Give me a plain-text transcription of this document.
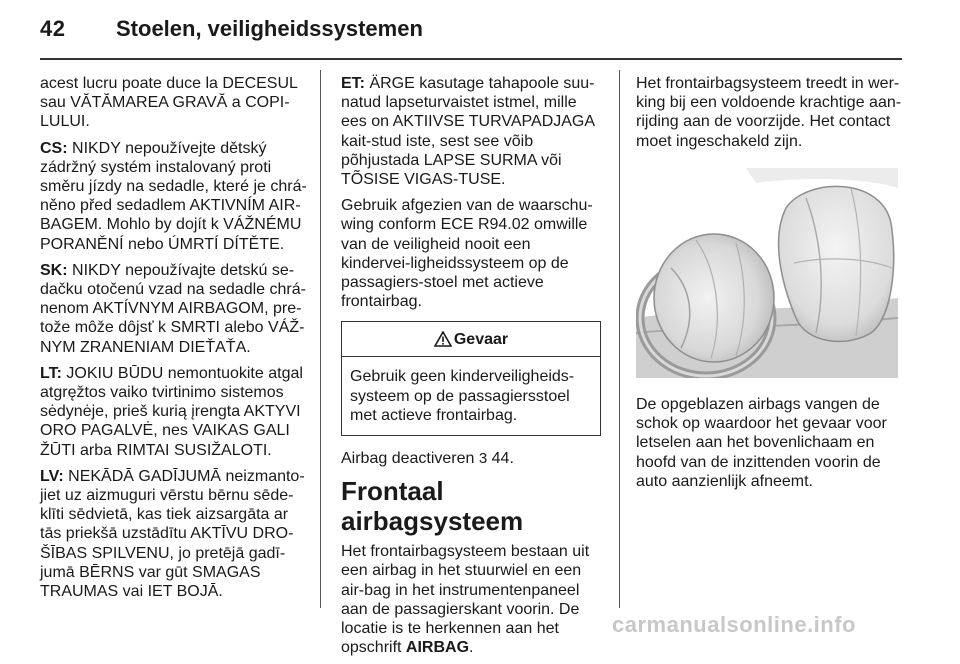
42 Stoelen, veiligheidssystemen

acest lucru poate duce la DECESUL sau VĂTĂMAREA GRAVĂ a COPI-LULUI.

CS: NIKDY nepoužívejte dětský zádržný systém instalovaný proti směru jízdy na sedadle, které je chrá-něno před sedadlem AKTIVNÍM AIR-BAGEM. Mohlo by dojít k VÁŽNÉMU PORANĚNÍ nebo ÚMRTÍ DÍTĚTE.

SK: NIKDY nepoužívajte detskú se-dačku otočenú vzad na sedadle chrá-nenom AKTÍVNYM AIRBAGOM, pre-tože môže dôjsť k SMRTI alebo VÁŽ-NYM ZRANENIAM DIEŤAŤA.

LT: JOKIU BŪDU nemontuokite atgal atgręžtos vaiko tvirtinimo sistemos sėdynėje, prieš kurią įrengta AKTYVI ORO PAGALVĖ, nes VAIKAS GALI ŽŪTI arba RIMTAI SUSIŽALOTI.

LV: NEKĀDĀ GADĪJUMĀ neizmanto-jiet uz aizmuguri vērstu bērnu sēde-klīti sēdvietā, kas tiek aizsargāta ar tās priekšā uzstādītu AKTĪVU DRO-ŠĪBAS SPILVENU, jo pretējā gadī-jumā BĒRNS var gūt SMAGAS TRAUMAS vai IET BOJĀ.

ET: ÄRGE kasutage tahapoole suu-natud lapseturvaistet istmel, mille ees on AKTIIVSE TURVAPADJAGA kait-stud iste, sest see võib põhjustada LAPSE SURMA või TÕSISE VIGAS-TUSE.

Gebruik afgezien van de waarschu-wing conform ECE R94.02 omwille van de veiligheid nooit een kindervei-ligheidssysteem op de passagiers-stoel met actieve frontairbag.

Gevaar
Gebruik geen kinderveiligheids-systeem op de passagiersstoel met actieve frontairbag.

Airbag deactiveren 3 44.

Frontaal airbagsysteem

Het frontairbagsysteem bestaan uit een airbag in het stuurwiel en een air-bag in het instrumentenpaneel aan de passagierskant voorin. De locatie is te herkennen aan het opschrift AIRBAG.

Het frontairbagsysteem treedt in wer-king bij een voldoende krachtige aan-rijding aan de voorzijde. Het contact moet ingeschakeld zijn.

De opgeblazen airbags vangen de schok op waardoor het gevaar voor letselen aan het bovenlichaam en hoofd van de inzittenden voorin de auto aanzienlijk afneemt.

carmanualsonline.info
